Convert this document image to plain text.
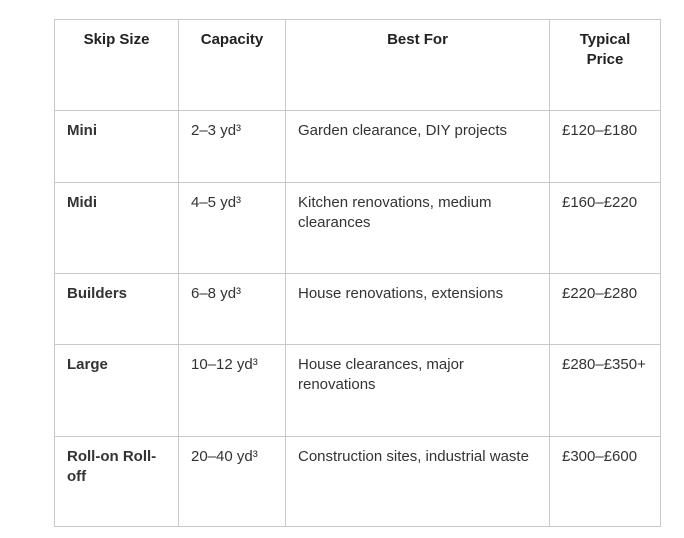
Skip Size	Capacity	Best For	Typical Price
Mini	2–3 yd³	Garden clearance, DIY projects	£120–£180
Midi	4–5 yd³	Kitchen renovations, medium clearances	£160–£220
Builders	6–8 yd³	House renovations, extensions	£220–£280
Large	10–12 yd³	House clearances, major renovations	£280–£350+
Roll-on Roll-off	20–40 yd³	Construction sites, industrial waste	£300–£600
